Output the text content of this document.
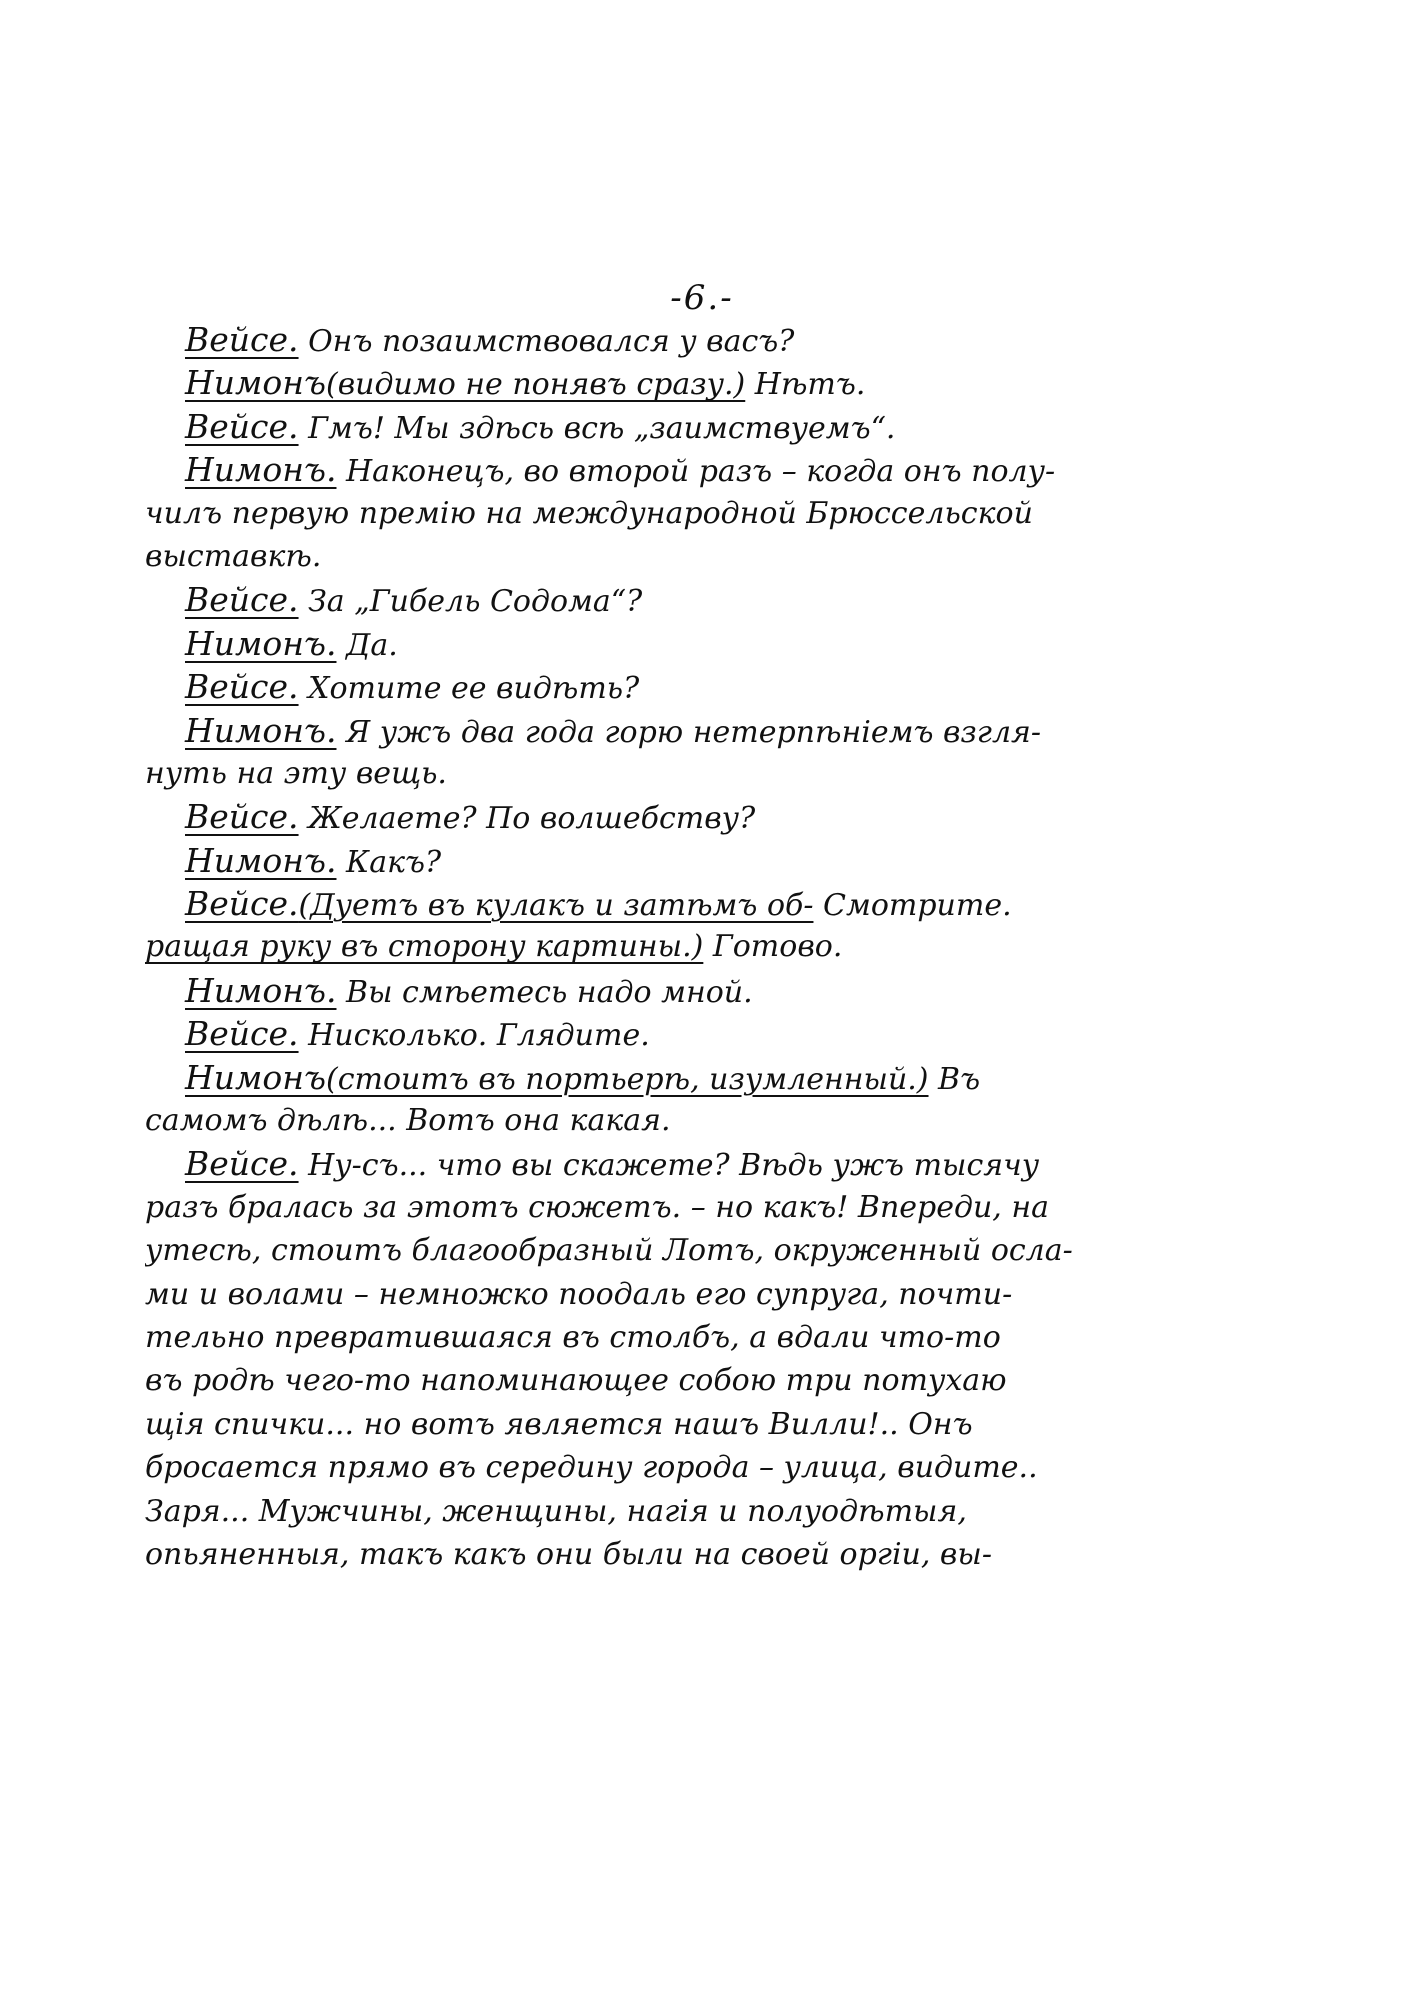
-6.-
Вейсе. Онъ позаимствовался у васъ?
Нимонъ(видимо не понявъ сразу.) Нѣтъ.
Вейсе. Гмъ! Мы здѣсь всѣ „заимствуемъ“.
Нимонъ. Наконецъ, во второй разъ – когда онъ полу-
чилъ первую премію на международной Брюссельской
выставкѣ.
Вейсе. За „Гибель Содома“?
Нимонъ. Да.
Вейсе. Хотите ее видѣть?
Нимонъ. Я ужъ два года горю нетерпѣніемъ взгля-
нуть на эту вещь.
Вейсе. Желаете? По волшебству?
Нимонъ. Какъ?
Вейсе.(Дуетъ въ кулакъ и затѣмъ об- Смотрите.
ращая руку въ сторону картины.) Готово.
Нимонъ. Вы смѣетесь надо мной.
Вейсе. Нисколько. Глядите.
Нимонъ(стоитъ въ портьерѣ, изумленный.) Въ
самомъ дѣлѣ... Вотъ она какая.
Вейсе. Ну-съ... что вы скажете? Вѣдь ужъ тысячу
разъ бралась за этотъ сюжетъ. – но какъ! Впереди, на
утесѣ, стоитъ благообразный Лотъ, окруженный осла-
ми и волами – немножко поодаль его супруга, почти-
тельно превратившаяся въ столбъ, а вдали что-то
въ родѣ чего-то напоминающее собою три потухаю
щія спички... но вотъ является нашъ Вилли!.. Онъ
бросается прямо въ середину города – улица, видите..
Заря... Мужчины, женщины, нагія и полуодѣтыя,
опьяненныя, такъ какъ они были на своей оргіи, вы-
